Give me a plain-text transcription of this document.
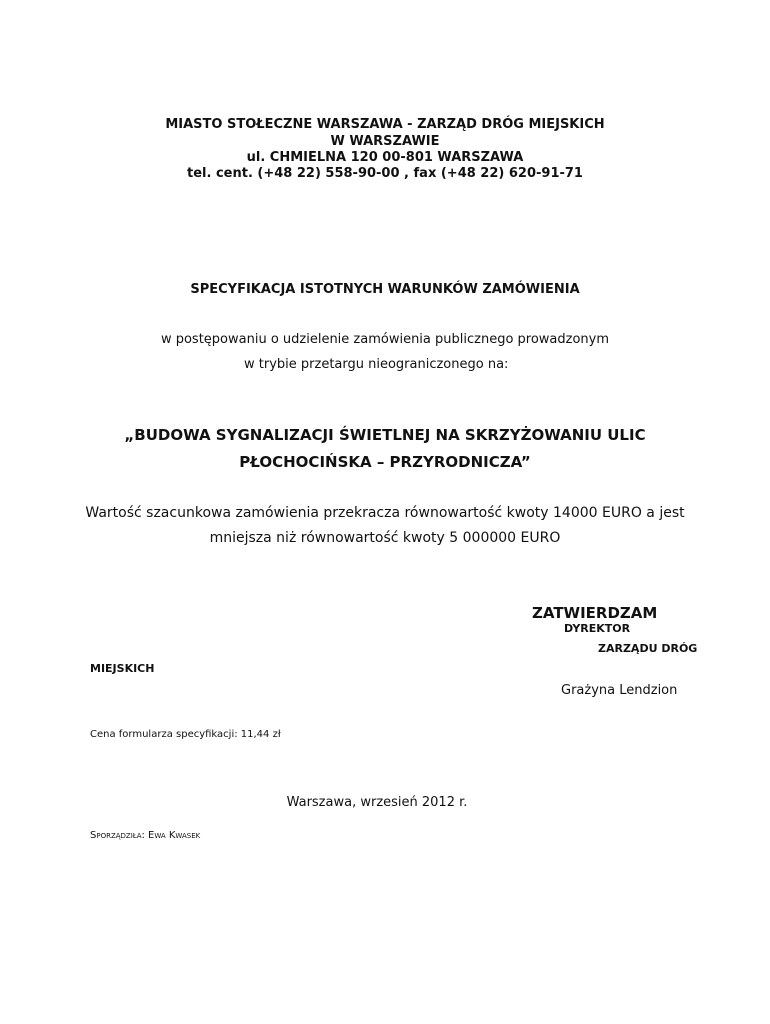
MIASTO STOŁECZNE WARSZAWA - ZARZĄD DRÓG MIEJSKICH
W WARSZAWIE
ul. CHMIELNA 120 00-801 WARSZAWA
tel. cent. (+48 22) 558-90-00 , fax (+48 22) 620-91-71
SPECYFIKACJA ISTOTNYCH WARUNKÓW ZAMÓWIENIA
w postępowaniu o udzielenie zamówienia publicznego prowadzonym
w trybie przetargu nieograniczonego na:
„BUDOWA SYGNALIZACJI ŚWIETLNEJ NA SKRZYŻOWANIU ULIC
PŁOCHOCIŃSKA – PRZYRODNICZA”
Wartość szacunkowa zamówienia przekracza równowartość kwoty 14000 EURO a jest
mniejsza niż równowartość kwoty 5 000000 EURO
ZATWIERDZAM
DYREKTOR
ZARZĄDU DRÓG
MIEJSKICH
Grażyna Lendzion
Cena formularza specyfikacji: 11,44 zł
Warszawa, wrzesień 2012 r.
Sporządziła: Ewa Kwasek
